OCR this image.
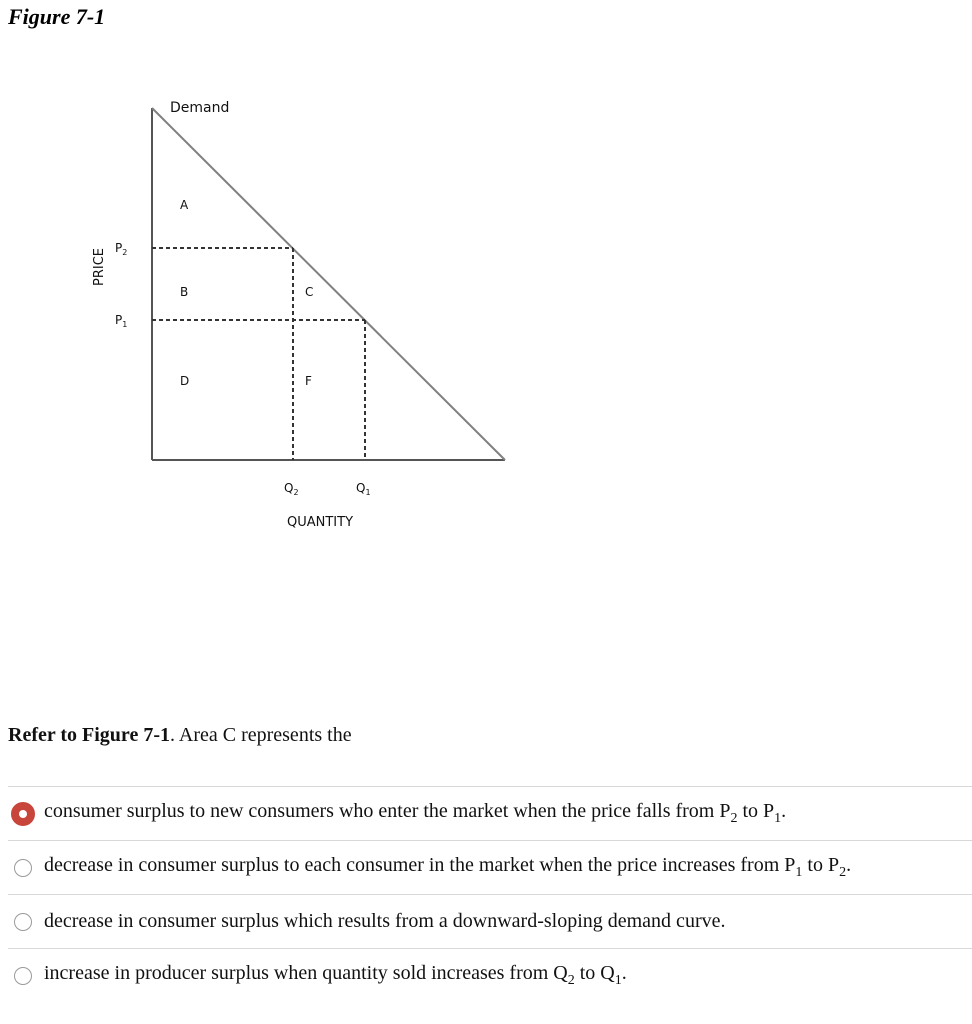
Figure 7-1
Demand
A
B	C
D	F
PRICE $P_2$
$P_1$
$Q_2$	$Q_1$
QUANTITY
Refer to Figure 7-1. Area C represents the
consumer surplus to new consumers who enter the market when the price falls from $P_2$ to $P_1$.
decrease in consumer surplus to each consumer in the market when the price increases from $P_1$ to $P_2$.
decrease in consumer surplus which results from a downward-sloping demand curve.
increase in producer surplus when quantity sold increases from $Q_2$ to $Q_1$.
